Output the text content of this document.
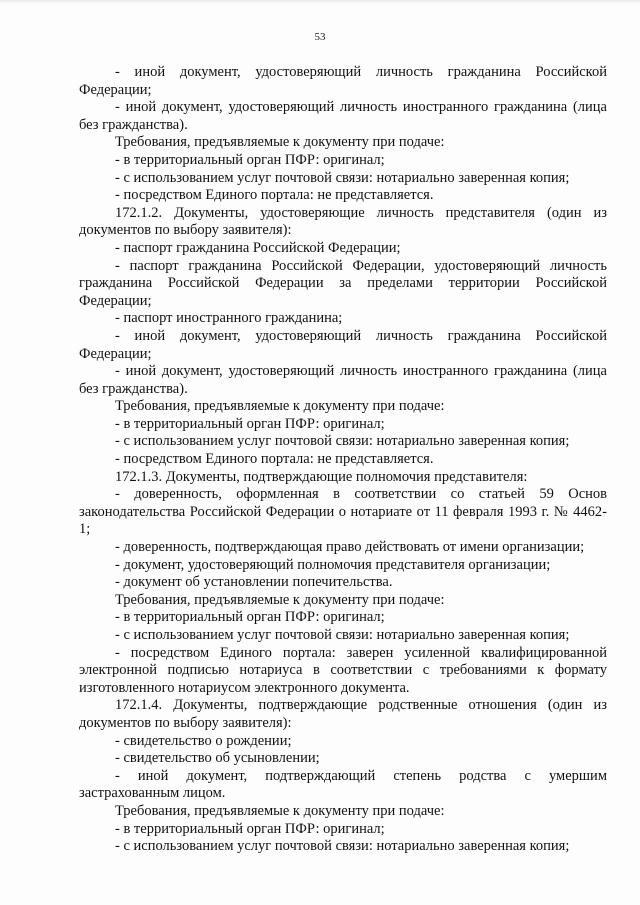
53

- иной документ, удостоверяющий личность гражданина Российской Федерации;

- иной документ, удостоверяющий личность иностранного гражданина (лица без гражданства).

Требования, предъявляемые к документу при подаче:

- в территориальный орган ПФР: оригинал;

- с использованием услуг почтовой связи: нотариально заверенная копия;

- посредством Единого портала: не представляется.

172.1.2. Документы, удостоверяющие личность представителя (один из документов по выбору заявителя):

- паспорт гражданина Российской Федерации;

- паспорт гражданина Российской Федерации, удостоверяющий личность гражданина Российской Федерации за пределами территории Российской Федерации;

- паспорт иностранного гражданина;

- иной документ, удостоверяющий личность гражданина Российской Федерации;

- иной документ, удостоверяющий личность иностранного гражданина (лица без гражданства).

Требования, предъявляемые к документу при подаче:

- в территориальный орган ПФР: оригинал;

- с использованием услуг почтовой связи: нотариально заверенная копия;

- посредством Единого портала: не представляется.

172.1.3. Документы, подтверждающие полномочия представителя:

- доверенность, оформленная в соответствии со статьей 59 Основ законодательства Российской Федерации о нотариате от 11 февраля 1993 г. № 4462-1;

- доверенность, подтверждающая право действовать от имени организации;

- документ, удостоверяющий полномочия представителя организации;

- документ об установлении попечительства.

Требования, предъявляемые к документу при подаче:

- в территориальный орган ПФР: оригинал;

- с использованием услуг почтовой связи: нотариально заверенная копия;

- посредством Единого портала: заверен усиленной квалифицированной электронной подписью нотариуса в соответствии с требованиями к формату изготовленного нотариусом электронного документа.

172.1.4. Документы, подтверждающие родственные отношения (один из документов по выбору заявителя):

- свидетельство о рождении;

- свидетельство об усыновлении;

- иной документ, подтверждающий степень родства с умершим застрахованным лицом.

Требования, предъявляемые к документу при подаче:

- в территориальный орган ПФР: оригинал;

- с использованием услуг почтовой связи: нотариально заверенная копия;
